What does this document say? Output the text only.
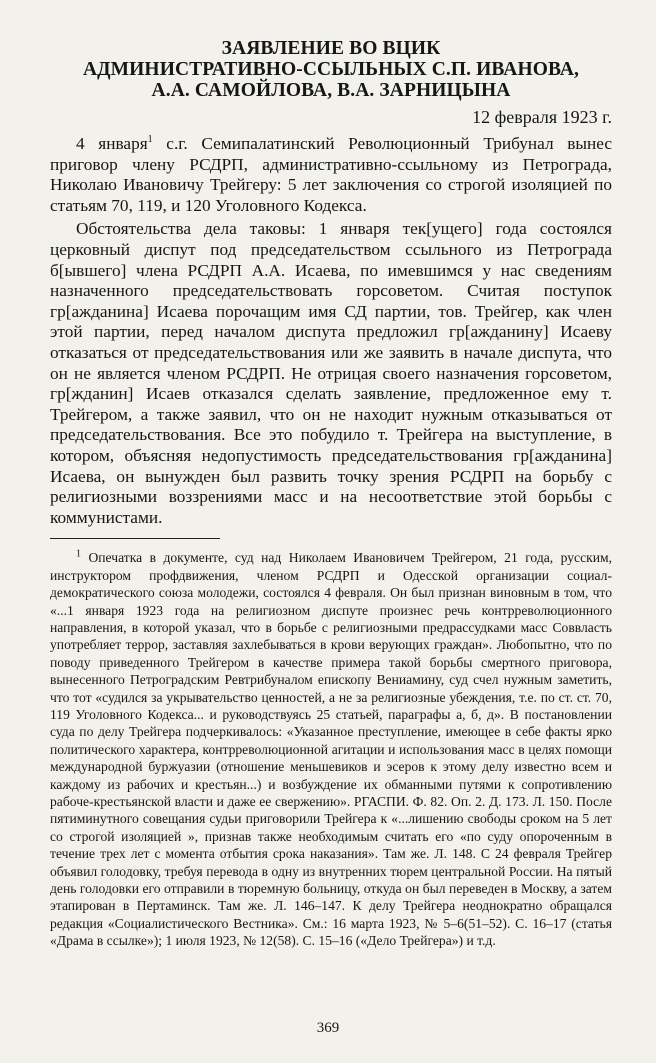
ЗАЯВЛЕНИЕ ВО ВЦИК
АДМИНИСТРАТИВНО-ССЫЛЬНЫХ С.П. ИВАНОВА,
А.А. САМОЙЛОВА, В.А. ЗАРНИЦЫНА
12 февраля 1923 г.

4 января$^1$ с.г. Семипалатинский Революционный Трибунал вынес приговор члену РСДРП, административно-ссыльному из Петрограда, Николаю Ивановичу Трейгеру: 5 лет заключения со строгой изоляцией по статьям 70, 119, и 120 Уголовного Кодекса.

Обстоятельства дела таковы: 1 января тек[ущего] года состоялся церковный диспут под председательством ссыльного из Петрограда б[ывшего] члена РСДРП А.А. Исаева, по имевшимся у нас сведениям назначенного председательствовать горсоветом. Считая поступок гр[ажданина] Исаева порочащим имя СД партии, тов. Трейгер, как член этой партии, перед началом диспута предложил гр[ажданину] Исаеву отказаться от председательствования или же заявить в начале диспута, что он не является членом РСДРП. Не отрицая своего назначения горсоветом, гр[жданин] Исаев отказался сделать заявление, предложенное ему т. Трейгером, а также заявил, что он не находит нужным отказываться от председательствования. Все это побудило т. Трейгера на выступление, в котором, объясняя недопустимость председательствования гр[ажданина] Исаева, он вынужден был развить точку зрения РСДРП на борьбу с религиозными воззрениями масс и на несоответствие этой борьбы с коммунистами.

$^1$ Опечатка в документе, суд над Николаем Ивановичем Трейгером, 21 года, русским, инструктором профдвижения, членом РСДРП и Одесской организации социал-демократического союза молодежи, состоялся 4 февраля. Он был признан виновным в том, что «...1 января 1923 года на религиозном диспуте произнес речь контрреволюционного направления, в которой указал, что в борьбе с религиозными предрассудками масс Соввласть употребляет террор, заставляя захлебываться в крови верующих граждан». Любопытно, что по поводу приведенного Трейгером в качестве примера такой борьбы смертного приговора, вынесенного Петроградским Ревтрибуналом епископу Вениамину, суд счел нужным заметить, что тот «судился за укрывательство ценностей, а не за религиозные убеждения, т.е. по ст. ст. 70, 119 Уголовного Кодекса... и руководствуясь 25 статьей, параграфы а, б, д». В постановлении суда по делу Трейгера подчеркивалось: «Указанное преступление, имеющее в себе факты ярко политического характера, контрреволюционной агитации и использования масс в целях помощи международной буржуазии (отношение меньшевиков и эсеров к этому делу известно всем и каждому из рабочих и крестьян...) и возбуждение их обманными путями к сопротивлению рабоче-крестьянской власти и даже ее свержению». РГАСПИ. Ф. 82. Оп. 2. Д. 173. Л. 150. После пятиминутного совещания судьи приговорили Трейгера к «...лишению свободы сроком на 5 лет со строгой изоляцией », признав также необходимым считать его «по суду опороченным в течение трех лет с момента отбытия срока наказания». Там же. Л. 148. С 24 февраля Трейгер объявил голодовку, требуя перевода в одну из внутренних тюрем центральной России. На пятый день голодовки его отправили в тюремную больницу, откуда он был переведен в Москву, а затем этапирован в Пертаминск. Там же. Л. 146–147. К делу Трейгера неоднократно обращался редакция «Социалистического Вестника». См.: 16 марта 1923, № 5–6(51–52). С. 16–17 (статья «Драма в ссылке»); 1 июля 1923, № 12(58). С. 15–16 («Дело Трейгера») и т.д.

369
